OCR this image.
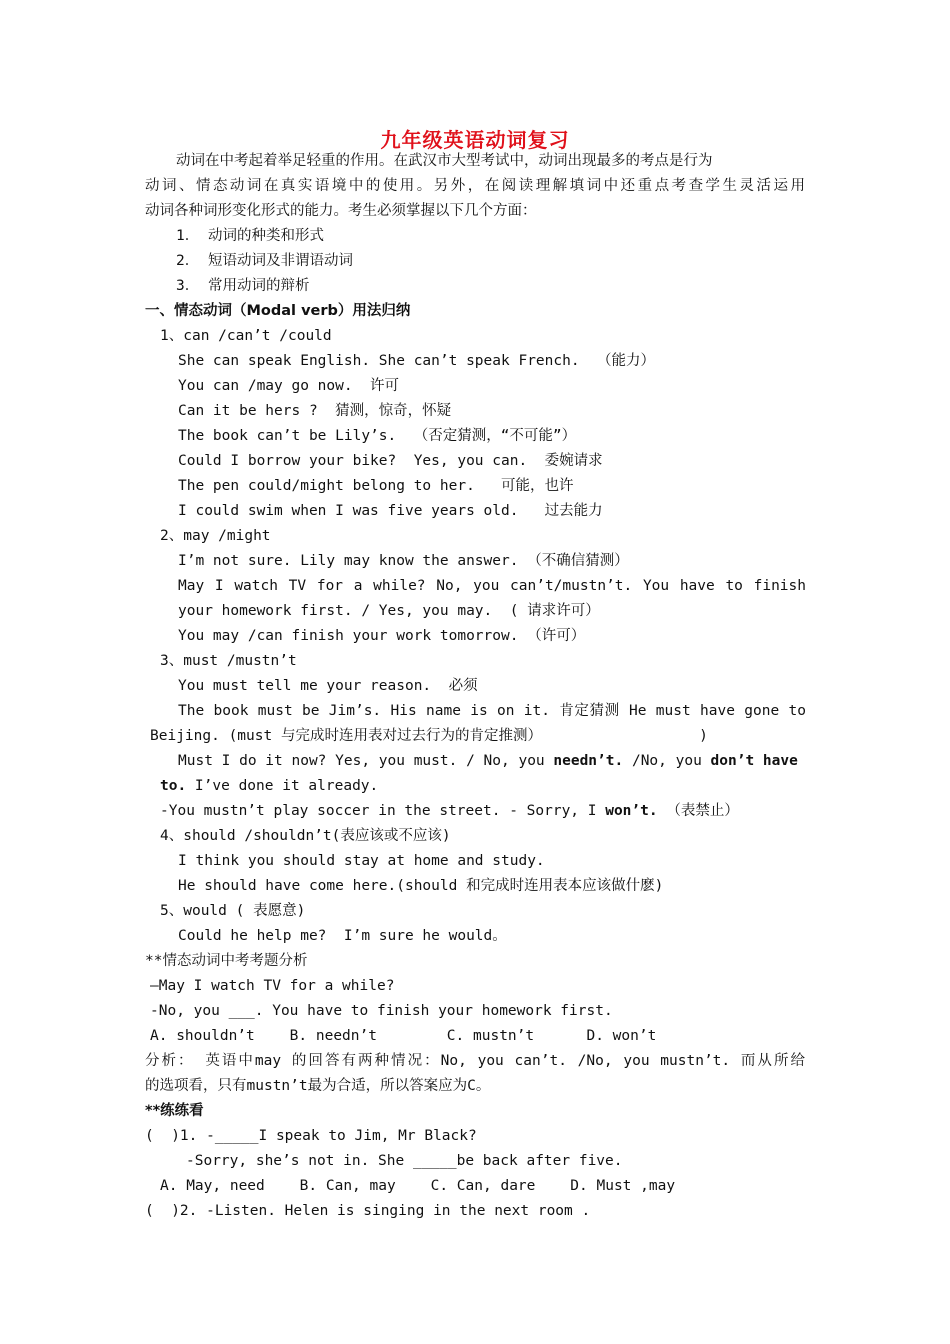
九年级英语动词复习
动词在中考起着举足轻重的作用。在武汉市大型考试中，动词出现最多的考点是行为
动词、情态动词在真实语境中的使用。另外，在阅读理解填词中还重点考查学生灵活运用
动词各种词形变化形式的能力。考生必须掌握以下几个方面：
1． 动词的种类和形式
2． 短语动词及非谓语动词
3． 常用动词的辩析
一、情态动词（Modal verb）用法归纳
1、can /can’t /could
She can speak English. She can’t speak French.  （能力）
You can /may go now.  许可
Can it be hers ?  猜测，惊奇，怀疑
The book can’t be Lily’s.  （否定猜测，“不可能”）
Could I borrow your bike?  Yes, you can.  委婉请求
The pen could/might belong to her.   可能，也许
I could swim when I was five years old.   过去能力
2、may /might
I’m not sure. Lily may know the answer. （不确信猜测）
May I watch TV for a while? No, you can’t/mustn’t. You have to finish
your homework first. / Yes, you may.  ( 请求许可）
You may /can finish your work tomorrow. （许可）
3、must /mustn’t
You must tell me your reason.  必须
The book must be Jim’s. His name is on it. 肯定猜测 He must have gone to
Beijing. (must 与完成时连用表对过去行为的肯定推测）                  )
Must I do it now? Yes, you must. / No, you needn’t. /No, you don’t have
to. I’ve done it already.
-You mustn’t play soccer in the street. - Sorry, I won’t. （表禁止）
4、should /shouldn’t(表应该或不应该)
I think you should stay at home and study.
He should have come here.(should 和完成时连用表本应该做什麽)
5、would ( 表愿意)
Could he help me?  I’m sure he would。
**情态动词中考考题分析
—May I watch TV for a while?
-No, you ___. You have to finish your homework first.
A. shouldn’t    B. needn’t        C. mustn’t      D. won’t
分析： 英语中may 的回答有两种情况：No, you can’t. /No, you mustn’t. 而从所给
的选项看，只有mustn’t最为合适，所以答案应为C。
**练练看
(  )1. -_____I speak to Jim, Mr Black?
-Sorry, she’s not in. She _____be back after five.
A. May, need    B. Can, may    C. Can, dare    D. Must ,may
(  )2. -Listen. Helen is singing in the next room .
